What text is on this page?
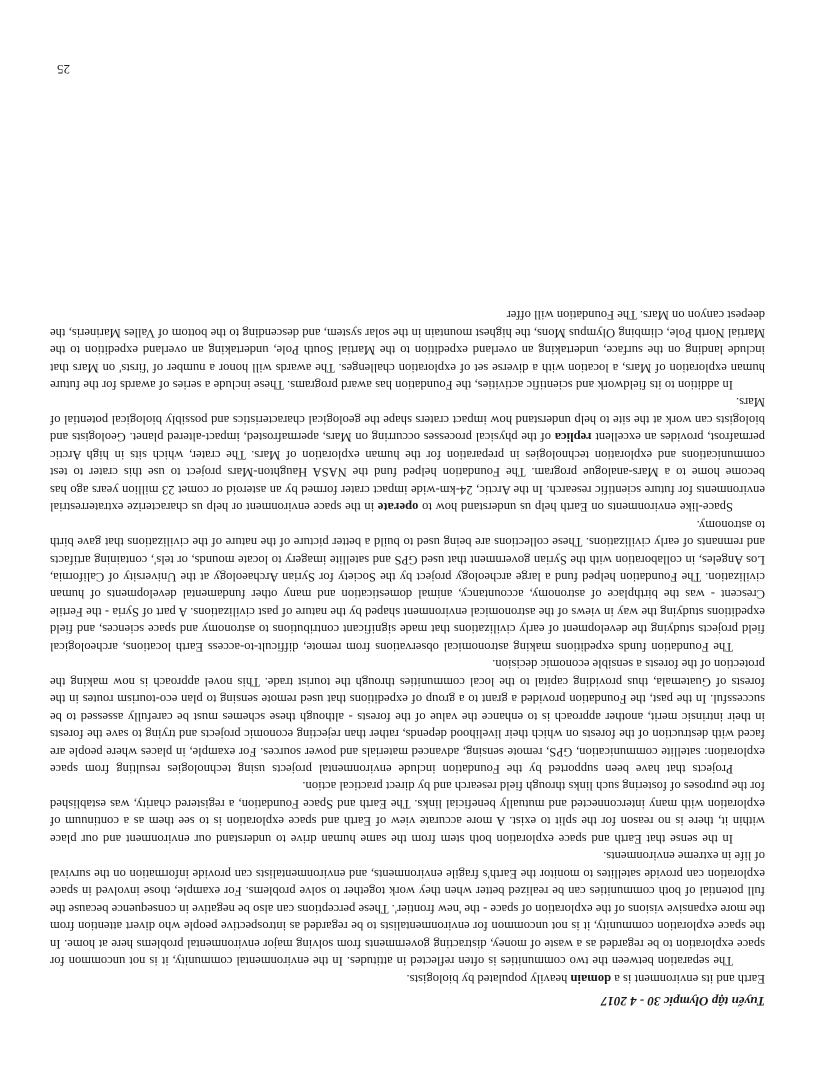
Tuyển tập Olympic 30 - 4 2017
Earth and its environment is a domain heavily populated by biologists.

The separation between the two communities is often reflected in attitudes. In the environmental community, it is not uncommon for space exploration to be regarded as a waste of money, distracting governments from solving major environmental problems here at home. In the space exploration community, it is not uncommon for environmentalists to be regarded as introspective people who divert attention from the more expansive visions of the exploration of space - the 'new frontier'. These perceptions can also be negative in consequence because the full potential of both communities can be realized better when they work together to solve problems. For example, those involved in space exploration can provide satellites to monitor the Earth's fragile environments, and environmentalists can provide information on the survival of life in extreme environments.

In the sense that Earth and space exploration both stem from the same human drive to understand our environment and our place within it, there is no reason for the split to exist. A more accurate view of Earth and space exploration is to see them as a continuum of exploration with many interconnected and mutually beneficial links. The Earth and Space Foundation, a registered charity, was established for the purposes of fostering such links through field research and by direct practical action.

Projects that have been supported by the Foundation include environmental projects using technologies resulting from space exploration: satellite communication, GPS, remote sensing, advanced materials and power sources. For example, in places where people are faced with destruction of the forests on which their livelihood depends, rather than rejecting economic projects and trying to save the forests in their intrinsic merit, another approach is to enhance the value of the forests - although these schemes must be carefully assessed to be successful. In the past, the Foundation provided a grant to a group of expeditions that used remote sensing to plan eco-tourism routes in the forests of Guatemala, thus providing capital to the local communities through the tourist trade. This novel approach is now making the protection of the forests a sensible economic decision.

The Foundation funds expeditions making astronomical observations from remote, difficult-to-access Earth locations, archeological field projects studying the development of early civilizations that made significant contributions to astronomy and space sciences, and field expeditions studying the way in views of the astronomical environment shaped by the nature of past civilizations. A part of Syria - the Fertile Crescent - was the birthplace of astronomy, accountancy, animal domestication and many other fundamental developments of human civilization. The Foundation helped fund a large archeology project by the Society for Syrian Archaeology at the University of California, Los Angeles, in collaboration with the Syrian government that used GPS and satellite imagery to locate mounds, or tels', containing artifacts and remnants of early civilizations. These collections are being used to build a better picture of the nature of the civilizations that gave birth to astronomy.

Space-like environments on Earth help us understand how to operate in the space environment or help us characterize extraterrestrial environments for future scientific research. In the Arctic, 24-km-wide impact crater formed by an asteroid or comet 23 million years ago has become home to a Mars-analogue program. The Foundation helped fund the NASA Haughton-Mars project to use this crater to test communications and exploration technologies in preparation for the human exploration of Mars. The crater, which sits in high Arctic permafrost, provides an excellent replica of the physical processes occurring on Mars, apermafrosted, impact-altered planet. Geologists and biologists can work at the site to help understand how impact craters shape the geological characteristics and possibly biological potential of Mars.

In addition to its fieldwork and scientific activities, the Foundation has award programs. These include a series of awards for the future human exploration of Mars, a location with a diverse set of exploration challenges. The awards will honor a number of 'firsts' on Mars that include landing on the surface, undertaking an overland expedition to the Martial South Pole, undertaking an overland expedition to the Martial North Pole, climbing Olympus Mons, the highest mountain in the solar system, and descending to the bottom of Valles Marineris, the deepest canyon on Mars. The Foundation will offer

25
